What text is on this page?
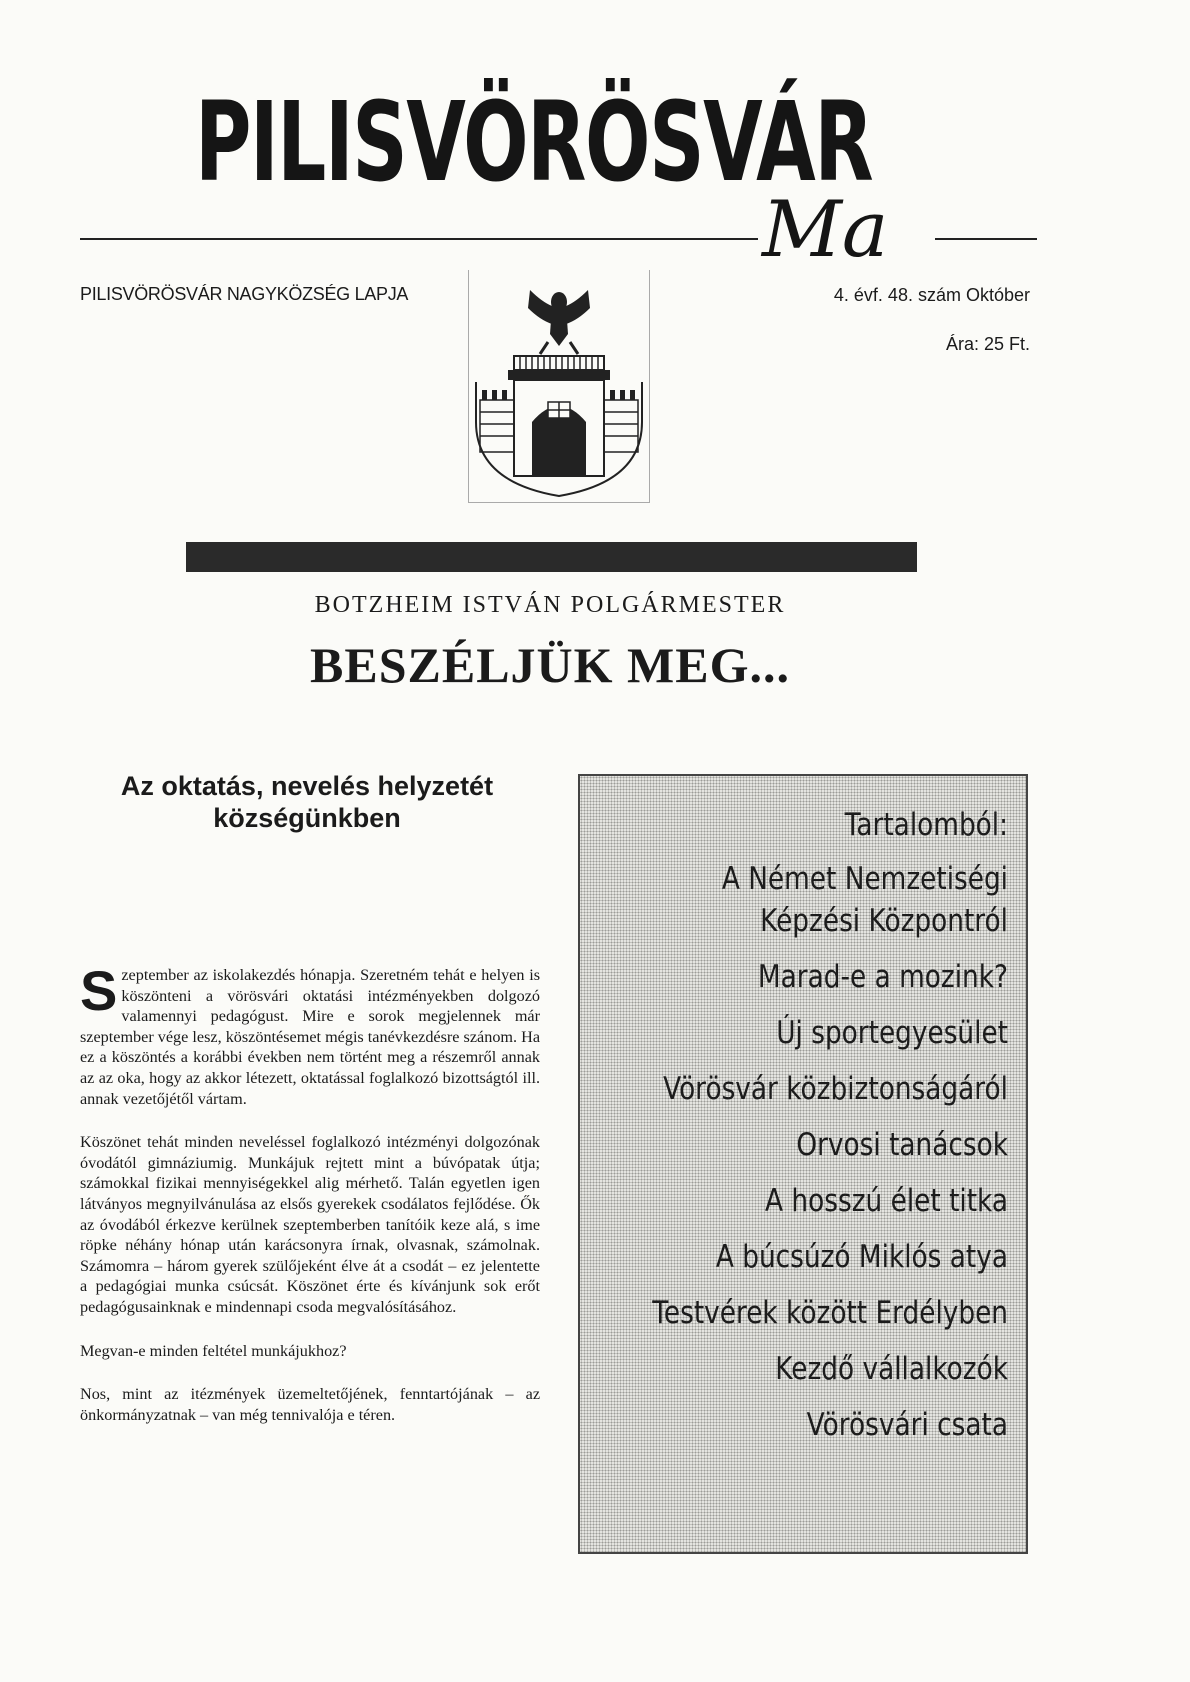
PILISVÖRÖSVÁR
Ma
PILISVÖRÖSVÁR NAGYKÖZSÉG LAPJA	4. évf. 48. szám Október
Ára: 25 Ft.
BOTZHEIM ISTVÁN POLGÁRMESTER
BESZÉLJÜK MEG...
Az oktatás, nevelés helyzetét községünkben

Szeptember az iskolakezdés hónapja. Szeretném tehát e helyen is köszönteni a vörösvári oktatási intézményekben dolgozó valamennyi pedagógust. Mire e sorok megjelennek már szeptember vége lesz, köszöntésemet mégis tanévkezdésre szánom. Ha ez a köszöntés a korábbi években nem történt meg a részemről annak az az oka, hogy az akkor létezett, oktatással foglalkozó bizottságtól ill. annak vezetőjétől vártam.

Köszönet tehát minden neveléssel foglalkozó intézményi dolgozónak óvodától gimnáziumig. Munkájuk rejtett mint a búvópatak útja; számokkal fizikai mennyiségekkel alig mérhető. Talán egyetlen igen látványos megnyilvánulása az elsős gyerekek csodálatos fejlődése. Ők az óvodából érkezve kerülnek szeptemberben tanítóik keze alá, s ime röpke néhány hónap után karácsonyra írnak, olvasnak, számolnak. Számomra – három gyerek szülőjeként élve át a csodát – ez jelentette a pedagógiai munka csúcsát. Köszönet érte és kívánjunk sok erőt pedagógusainknak e mindennapi csoda megvalósításához.

Megvan-e minden feltétel munkájukhoz?

Nos, mint az itézmények üzemeltetőjének, fenntartójának – az önkormányzatnak – van még tennivalója e téren.

Tartalomból:
A Német Nemzetiségi Képzési Központról
Marad-e a mozink?
Új sportegyesület
Vörösvár közbiztonságáról
Orvosi tanácsok
A hosszú élet titka
A búcsúzó Miklós atya
Testvérek között Erdélyben
Kezdő vállalkozók
Vörösvári csata
